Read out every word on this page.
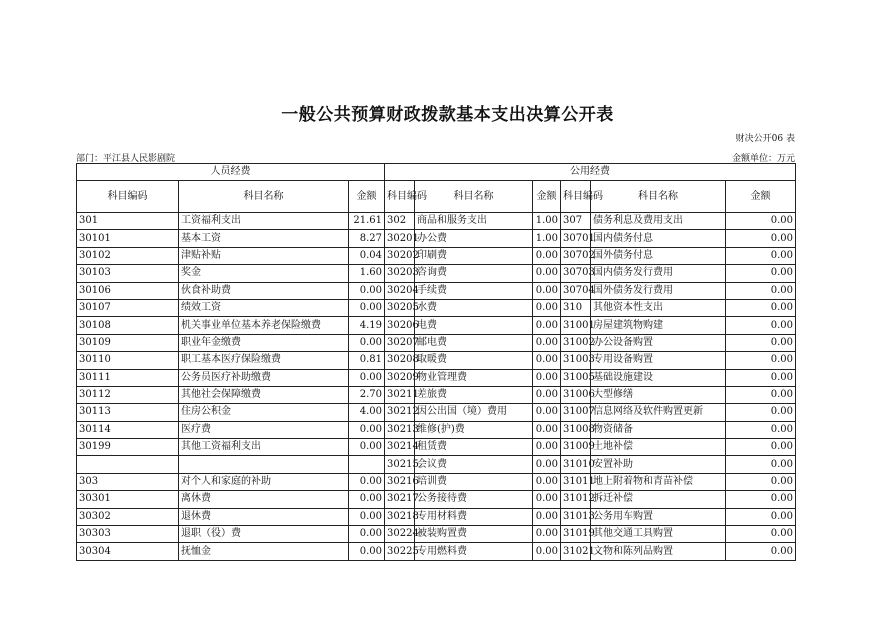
一般公共预算财政拨款基本支出决算公开表
财决公开06 表
部门：平江县人民影剧院	金额单位：万元
人员经费			公用经费					
科目编码	科目名称	金额	科目编码	科目名称	金额	科目编码	科目名称	金额
301	工资福利支出	21.61	302	商品和服务支出	1.00	307	债务利息及费用支出	0.00
30101	基本工资	8.27	30201	办公费	1.00	30701	国内债务付息	0.00
30102	津贴补贴	0.04	30202	印刷费	0.00	30702	国外债务付息	0.00
30103	奖金	1.60	30203	咨询费	0.00	30703	国内债务发行费用	0.00
30106	伙食补助费	0.00	30204	手续费	0.00	30704	国外债务发行费用	0.00
30107	绩效工资	0.00	30205	水费	0.00	310	其他资本性支出	0.00
30108	机关事业单位基本养老保险缴费	4.19	30206	电费	0.00	31001	房屋建筑物购建	0.00
30109	职业年金缴费	0.00	30207	邮电费	0.00	31002	办公设备购置	0.00
30110	职工基本医疗保险缴费	0.81	30208	取暖费	0.00	31003	专用设备购置	0.00
30111	公务员医疗补助缴费	0.00	30209	物业管理费	0.00	31005	基础设施建设	0.00
30112	其他社会保障缴费	2.70	30211	差旅费	0.00	31006	大型修缮	0.00
30113	住房公积金	4.00	30212	因公出国（境）费用	0.00	31007	信息网络及软件购置更新	0.00
30114	医疗费	0.00	30213	维修(护)费	0.00	31008	物资储备	0.00
30199	其他工资福利支出	0.00	30214	租赁费	0.00	31009	土地补偿	0.00
			30215	会议费	0.00	31010	安置补助	0.00
303	对个人和家庭的补助	0.00	30216	培训费	0.00	31011	地上附着物和青苗补偿	0.00
30301	离休费	0.00	30217	公务接待费	0.00	31012	拆迁补偿	0.00
30302	退休费	0.00	30218	专用材料费	0.00	31013	公务用车购置	0.00
30303	退职（役）费	0.00	30224	被装购置费	0.00	31019	其他交通工具购置	0.00
30304	抚恤金	0.00	30225	专用燃料费	0.00	31021	文物和陈列品购置	0.00
